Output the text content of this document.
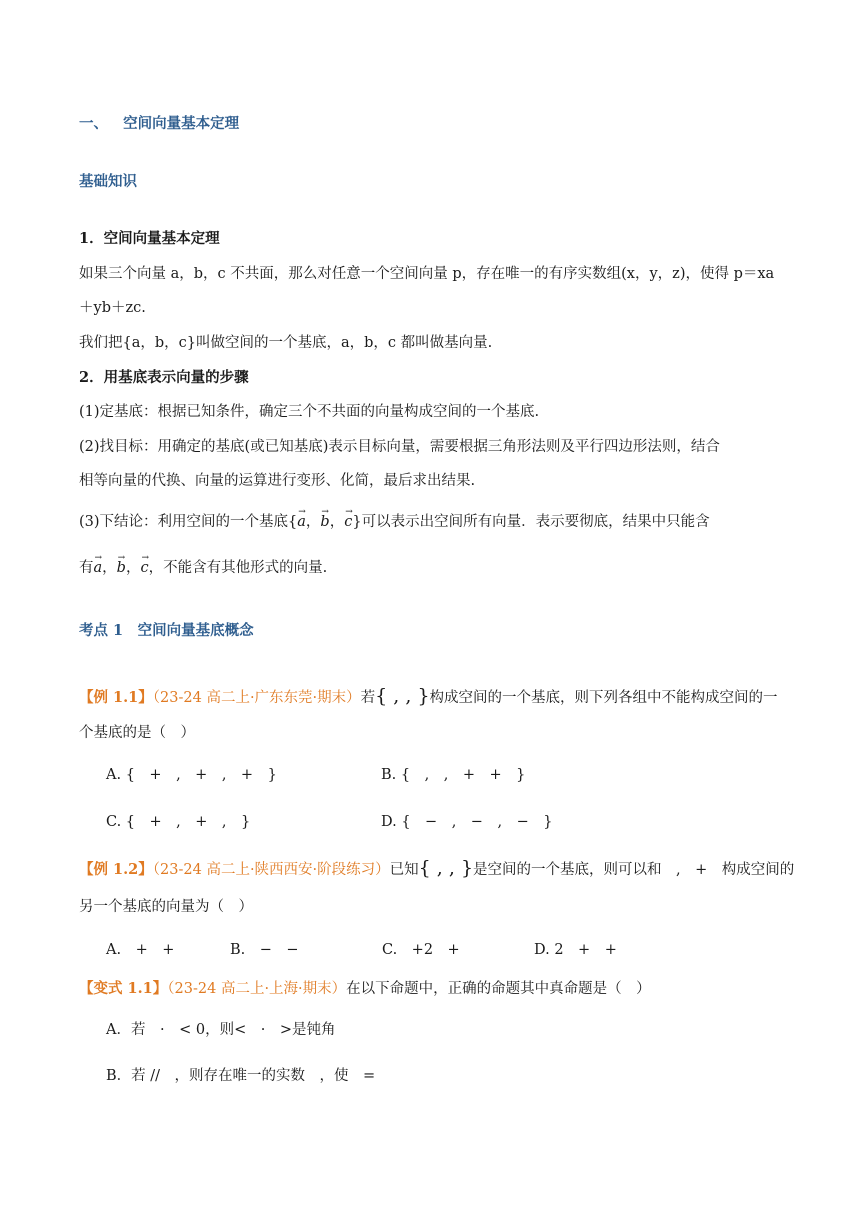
一、 空间向量基本定理
基础知识
1．空间向量基本定理
如果三个向量 a，b，c 不共面，那么对任意一个空间向量 p，存在唯一的有序实数组(x，y，z)，使得 p＝xa
＋yb＋zc.
我们把{a，b，c}叫做空间的一个基底，a，b，c 都叫做基向量.
2．用基底表示向量的步骤
(1)定基底：根据已知条件，确定三个不共面的向量构成空间的一个基底.
(2)找目标：用确定的基底(或已知基底)表示目标向量，需要根据三角形法则及平行四边形法则，结合
相等向量的代换、向量的运算进行变形、化简，最后求出结果.
(3)下结论：利用空间的一个基底{→ a，→ b，→ c}可以表示出空间所有向量．表示要彻底，结果中只能含
有→ a，→ b，→ c，不能含有其他形式的向量.
考点 1　空间向量基底概念
【例 1.1】（23-24 高二上·广东东莞·期末）若{ , , }构成空间的一个基底，则下列各组中不能构成空间的一
个基底的是（　）
A. {　+　,　+　,　+　}	B. {　,　,　+　+　}
C. {　+　,　+　,　}	D. {　−　,　−　,　−　}
【例 1.2】（23-24 高二上·陕西西安·阶段练习）已知{ , , }是空间的一个基底，则可以和　,　+　构成空间的
另一个基底的向量为（　）
A.　+　+	B.　−　−	C.　+2　+	D. 2　+　+
【变式 1.1】（23-24 高二上·上海·期末）在以下命题中，正确的命题其中真命题是（　）
A．若　·　< 0，则<　·　>是钝角
B．若 //　，则存在唯一的实数　，使　=
